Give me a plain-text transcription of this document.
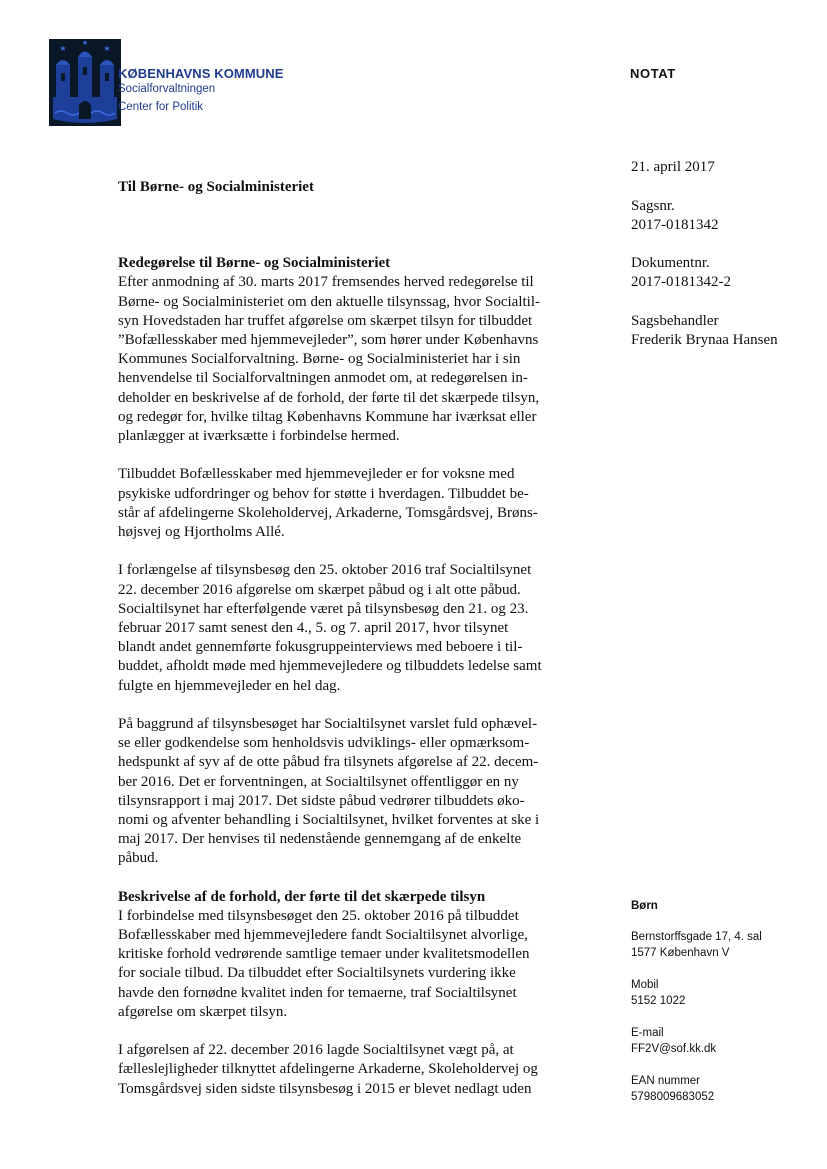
★
★
★
KØBENHAVNS KOMMUNE
Socialforvaltningen
Center for Politik
NOTAT
21. april 2017
Sagsnr.
2017-0181342
Dokumentnr.
2017-0181342-2
Sagsbehandler
Frederik Brynaa Hansen
Børn
Bernstorffsgade 17, 4. sal
1577 København V
Mobil
5152 1022
E-mail
FF2V@sof.kk.dk
EAN nummer
5798009683052

Til Børne- og Socialministeriet

Redegørelse til Børne- og Socialministeriet

Efter anmodning af 30. marts 2017 fremsendes herved redegørelse til
Børne- og Socialministeriet om den aktuelle tilsynssag, hvor Socialtil-
syn Hovedstaden har truffet afgørelse om skærpet tilsyn for tilbuddet
”Bofællesskaber med hjemmevejleder”, som hører under Københavns
Kommunes Socialforvaltning. Børne- og Socialministeriet har i sin
henvendelse til Socialforvaltningen anmodet om, at redegørelsen in-
deholder en beskrivelse af de forhold, der førte til det skærpede tilsyn,
og redegør for, hvilke tiltag Københavns Kommune har iværksat eller
planlægger at iværksætte i forbindelse hermed.

Tilbuddet Bofællesskaber med hjemmevejleder er for voksne med
psykiske udfordringer og behov for støtte i hverdagen. Tilbuddet be-
står af afdelingerne Skoleholdervej, Arkaderne, Tomsgårdsvej, Brøns-
højsvej og Hjortholms Allé.

I forlængelse af tilsynsbesøg den 25. oktober 2016 traf Socialtilsynet
22. december 2016 afgørelse om skærpet påbud og i alt otte påbud.
Socialtilsynet har efterfølgende været på tilsynsbesøg den 21. og 23.
februar 2017 samt senest den 4., 5. og 7. april 2017, hvor tilsynet
blandt andet gennemførte fokusgruppeinterviews med beboere i til-
buddet, afholdt møde med hjemmevejledere og tilbuddets ledelse samt
fulgte en hjemmevejleder en hel dag.

På baggrund af tilsynsbesøget har Socialtilsynet varslet fuld ophævel-
se eller godkendelse som henholdsvis udviklings- eller opmærksom-
hedspunkt af syv af de otte påbud fra tilsynets afgørelse af 22. decem-
ber 2016. Det er forventningen, at Socialtilsynet offentliggør en ny
tilsynsrapport i maj 2017. Det sidste påbud vedrører tilbuddets øko-
nomi og afventer behandling i Socialtilsynet, hvilket forventes at ske i
maj 2017. Der henvises til nedenstående gennemgang af de enkelte
påbud.

Beskrivelse af de forhold, der førte til det skærpede tilsyn

I forbindelse med tilsynsbesøget den 25. oktober 2016 på tilbuddet
Bofællesskaber med hjemmevejledere fandt Socialtilsynet alvorlige,
kritiske forhold vedrørende samtlige temaer under kvalitetsmodellen
for sociale tilbud. Da tilbuddet efter Socialtilsynets vurdering ikke
havde den fornødne kvalitet inden for temaerne, traf Socialtilsynet
afgørelse om skærpet tilsyn.

I afgørelsen af 22. december 2016 lagde Socialtilsynet vægt på, at
fælleslejligheder tilknyttet afdelingerne Arkaderne, Skoleholdervej og
Tomsgårdsvej siden sidste tilsynsbesøg i 2015 er blevet nedlagt uden
